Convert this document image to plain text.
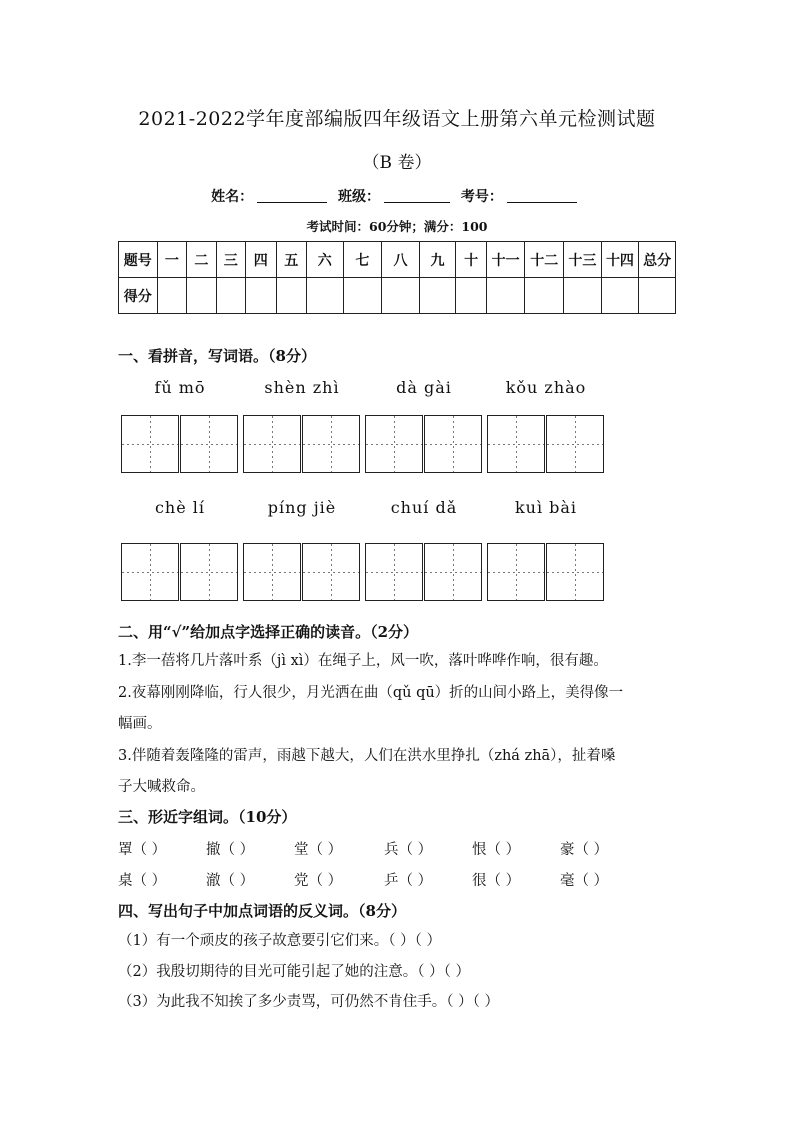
2021-2022学年度部编版四年级语文上册第六单元检测试题
（B 卷）
姓名：	班级：	考号：
考试时间：60分钟；满分：100
题号	一	二	三	四	五	六	七	八	九	十	十一	十二	十三	十四	总分
得分															
一、看拼音，写词语。（8分）
fǔ mō	shèn zhì	dà gài	kǒu zhào
chè lí	píng jiè	chuí dǎ	kuì bài
二、用“√”给加点字选择正确的读音。（2分）
1.李一蓓将几片落叶系（jì xì）在绳子上，风一吹，落叶哗哗作响，很有趣。
2.夜幕刚刚降临，行人很少，月光洒在曲（qǔ qū）折的山间小路上，美得像一
幅画。
3.伴随着轰隆隆的雷声，雨越下越大，人们在洪水里挣扎（zhá zhā），扯着嗓
子大喊救命。
三、形近字组词。（10分）
罩（ ）	撤（ ）	堂（ ）	兵（ ）	恨（ ）	豪（ ）
桌（ ）	澈（ ）	党（ ）	乒（ ）	很（ ）	毫（ ）
四、写出句子中加点词语的反义词。（8分）
（1）有一个顽皮的孩子故意要引它们来。（ ）（ ）
（2）我殷切期待的目光可能引起了她的注意。（ ）（ ）
（3）为此我不知挨了多少责骂，可仍然不肯住手。（ ）（ ）
